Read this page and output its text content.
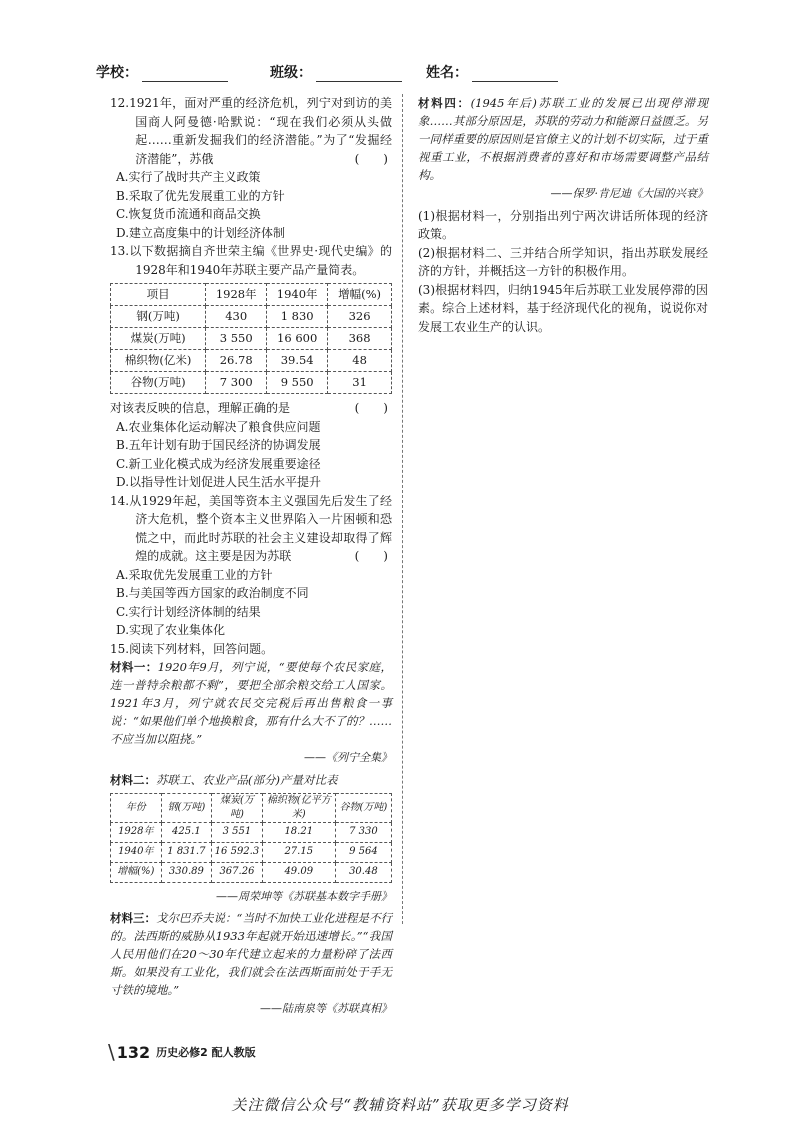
学校：	班级：	姓名：

12.1921年，面对严重的经济危机，列宁对到访的美国商人阿曼德·哈默说：“现在我们必须从头做起……重新发掘我们的经济潜能。”为了“发掘经济潜能”，苏俄	(　　)

A.实行了战时共产主义政策

B.采取了优先发展重工业的方针

C.恢复货币流通和商品交换

D.建立高度集中的计划经济体制

13.以下数据摘自齐世荣主编《世界史·现代史编》的1928年和1940年苏联主要产品产量简表。

项目	1928年	1940年	增幅(%)
钢(万吨)	430	1 830	326
煤炭(万吨)	3 550	16 600	368
棉织物(亿米)	26.78	39.54	48
谷物(万吨)	7 300	9 550	31

对该表反映的信息，理解正确的是	(　　)

A.农业集体化运动解决了粮食供应问题

B.五年计划有助于国民经济的协调发展

C.新工业化模式成为经济发展重要途径

D.以指导性计划促进人民生活水平提升

14.从1929年起，美国等资本主义强国先后发生了经济大危机，整个资本主义世界陷入一片困顿和恐慌之中，而此时苏联的社会主义建设却取得了辉煌的成就。这主要是因为苏联	(　　)

A.采取优先发展重工业的方针

B.与美国等西方国家的政治制度不同

C.实行计划经济体制的结果

D.实现了农业集体化

15.阅读下列材料，回答问题。

材料一：1920年9月，列宁说，“要使每个农民家庭，连一普特余粮都不剩”，要把全部余粮交给工人国家。1921年3月，列宁就农民交完税后再出售粮食一事说：“如果他们单个地换粮食，那有什么大不了的？……不应当加以阻挠。”

——《列宁全集》

材料二：苏联工、农业产品(部分)产量对比表

年份	钢(万吨)	煤炭(万吨)	棉织物(亿平方米)	谷物(万吨)
1928年	425.1	3 551	18.21	7 330
1940年	1 831.7	16 592.3	27.15	9 564
增幅(%)	330.89	367.26	49.09	30.48

——周荣坤等《苏联基本数字手册》

材料三：戈尔巴乔夫说：“当时不加快工业化进程是不行的。法西斯的威胁从1933年起就开始迅速增长。”“我国人民用他们在20～30年代建立起来的力量粉碎了法西斯。如果没有工业化，我们就会在法西斯面前处于手无寸铁的境地。”

——陆南泉等《苏联真相》

材料四：(1945年后)苏联工业的发展已出现停滞现象……其部分原因是，苏联的劳动力和能源日益匮乏。另一同样重要的原因则是官僚主义的计划不切实际，过于重视重工业，不根据消费者的喜好和市场需要调整产品结构。

——保罗·肯尼迪《大国的兴衰》

(1)根据材料一，分别指出列宁两次讲话所体现的经济政策。

(2)根据材料二、三并结合所学知识，指出苏联发展经济的方针，并概括这一方针的积极作用。

(3)根据材料四，归纳1945年后苏联工业发展停滞的因素。综合上述材料，基于经济现代化的视角，说说你对发展工农业生产的认识。

\ 132 历史必修2 配人教版
关注微信公众号“教辅资料站”获取更多学习资料
